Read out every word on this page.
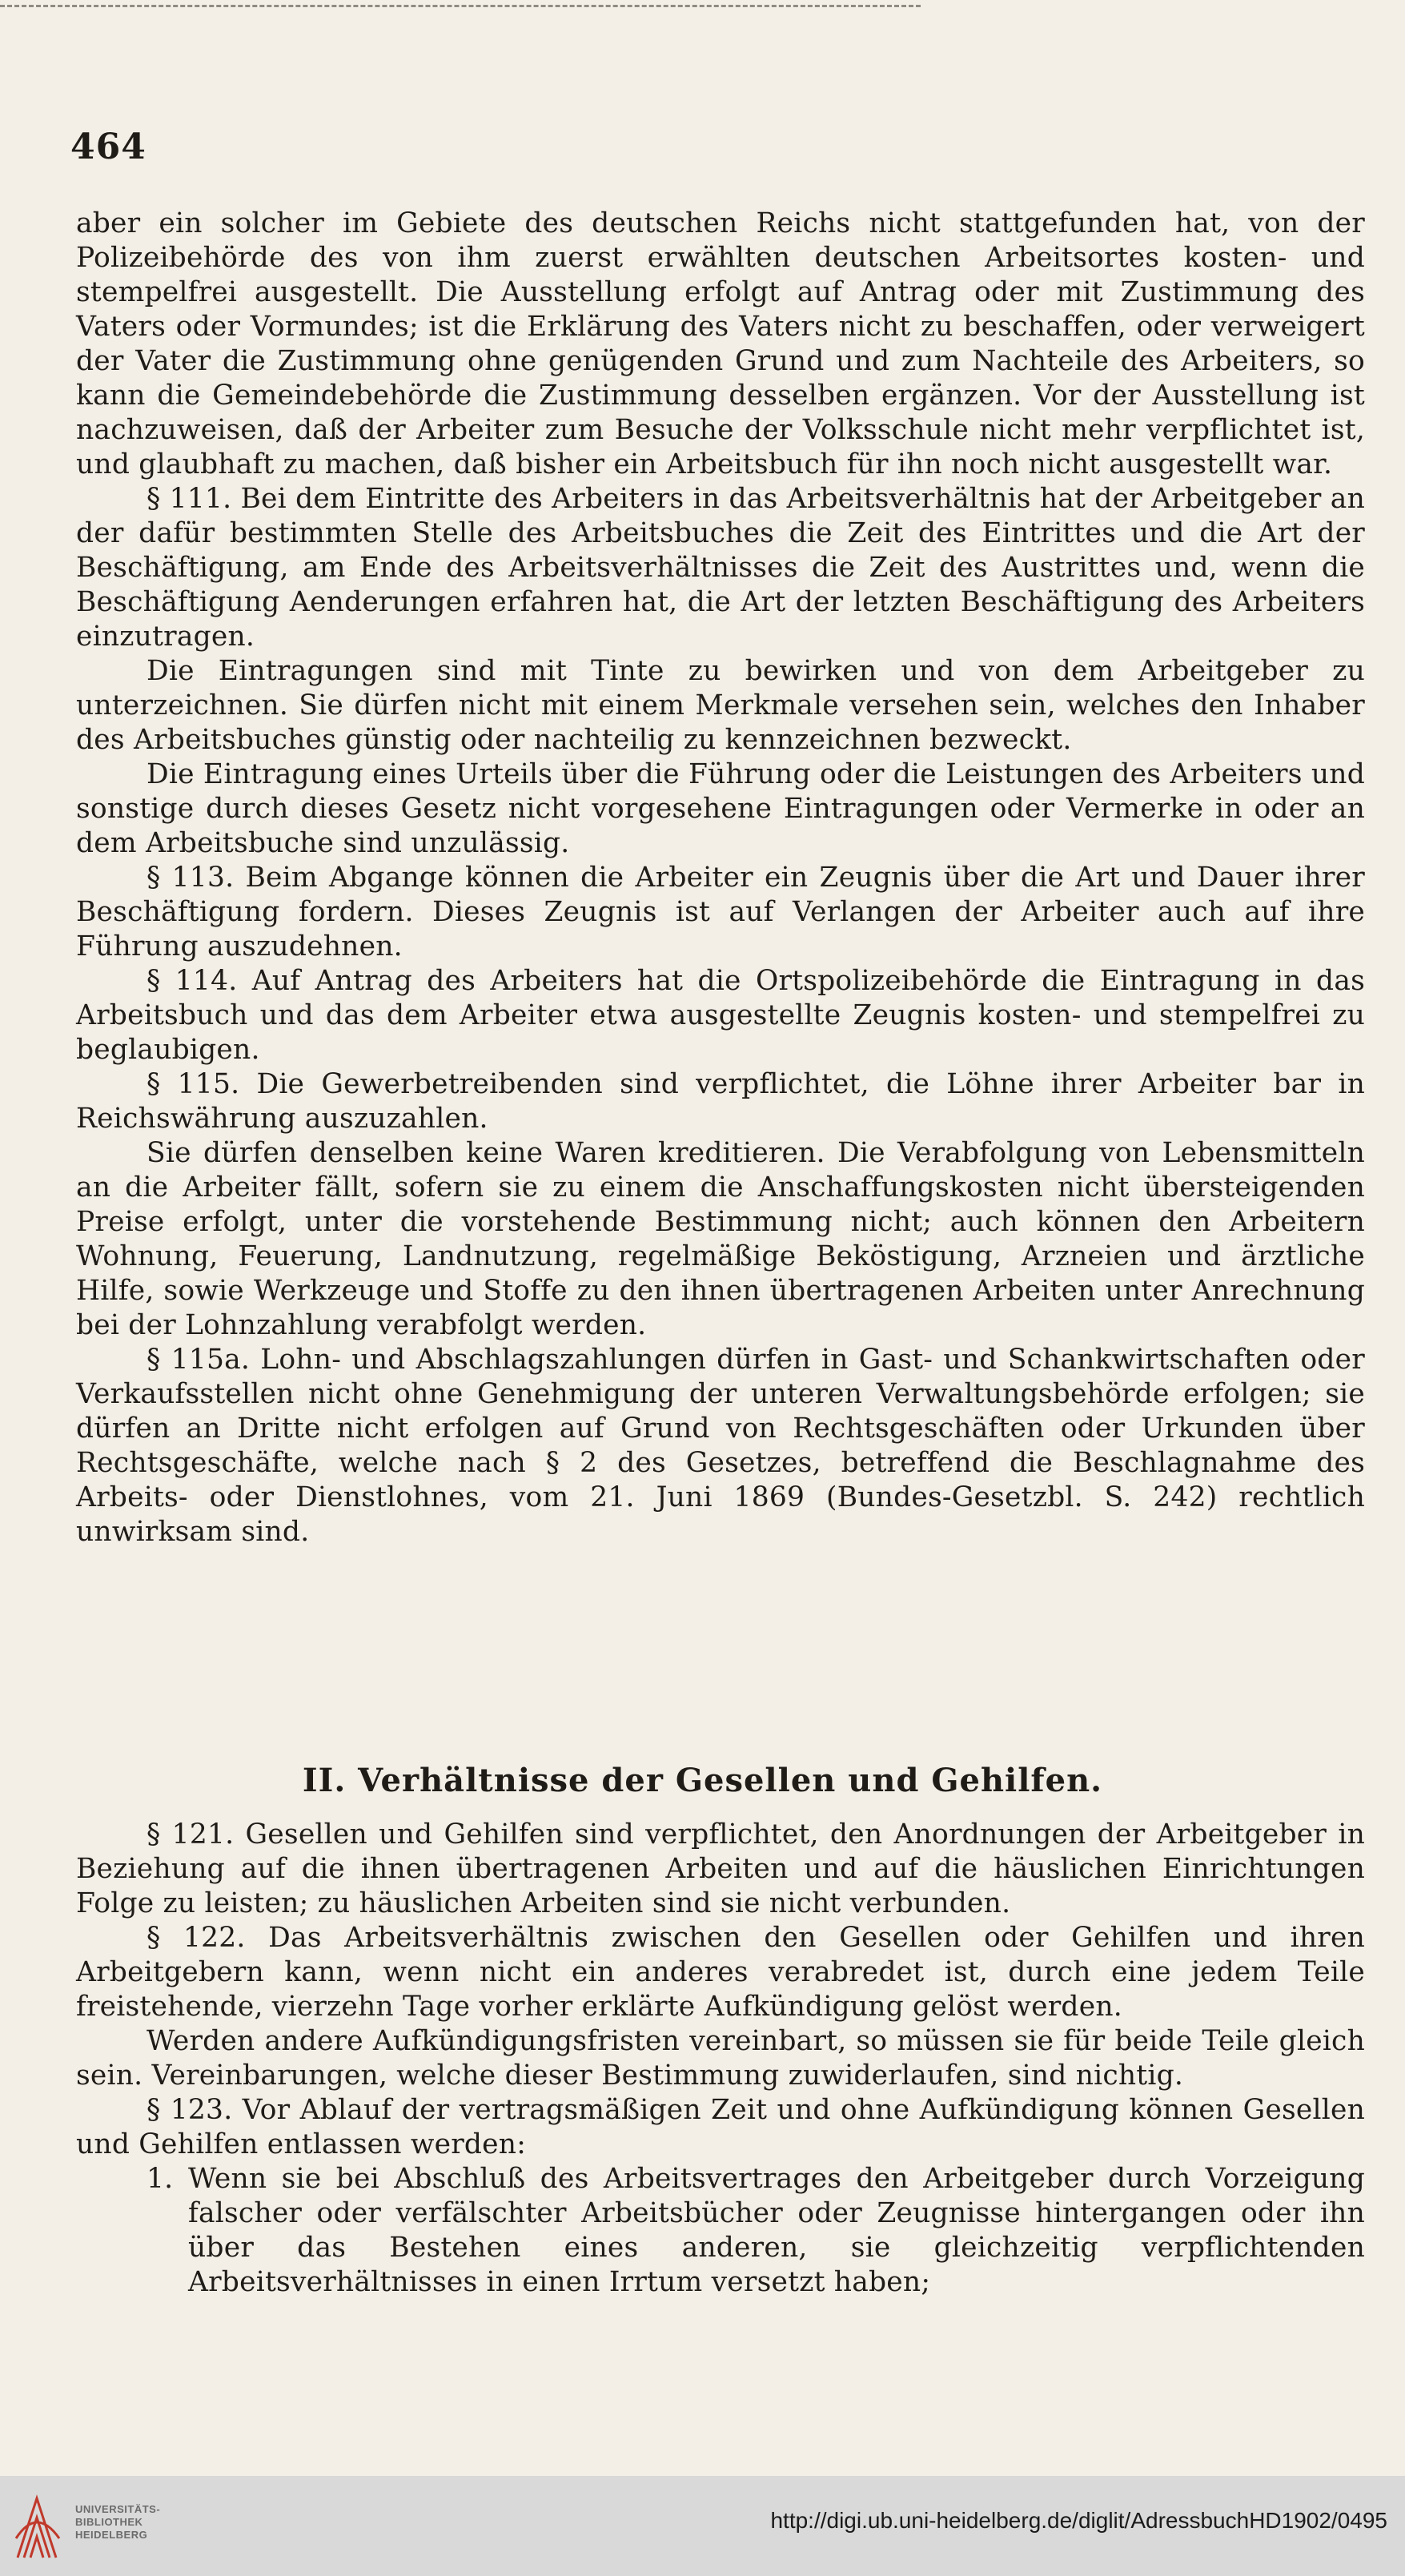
464

aber ein solcher im Gebiete des deutschen Reichs nicht stattgefunden hat, von der Polizeibehörde des von ihm zuerst erwählten deutschen Arbeitsortes kosten- und stempelfrei ausgestellt. Die Ausstellung erfolgt auf Antrag oder mit Zustimmung des Vaters oder Vormundes; ist die Erklärung des Vaters nicht zu beschaffen, oder verweigert der Vater die Zustimmung ohne genügenden Grund und zum Nachteile des Arbeiters, so kann die Gemeindebehörde die Zustimmung desselben ergänzen. Vor der Ausstellung ist nachzuweisen, daß der Arbeiter zum Besuche der Volksschule nicht mehr verpflichtet ist, und glaubhaft zu machen, daß bisher ein Arbeitsbuch für ihn noch nicht ausgestellt war.

§ 111. Bei dem Eintritte des Arbeiters in das Arbeitsverhältnis hat der Arbeitgeber an der dafür bestimmten Stelle des Arbeitsbuches die Zeit des Eintrittes und die Art der Beschäftigung, am Ende des Arbeitsverhältnisses die Zeit des Austrittes und, wenn die Beschäftigung Aenderungen erfahren hat, die Art der letzten Beschäftigung des Arbeiters einzutragen.

Die Eintragungen sind mit Tinte zu bewirken und von dem Arbeitgeber zu unterzeichnen. Sie dürfen nicht mit einem Merkmale versehen sein, welches den Inhaber des Arbeitsbuches günstig oder nachteilig zu kennzeichnen bezweckt.

Die Eintragung eines Urteils über die Führung oder die Leistungen des Arbeiters und sonstige durch dieses Gesetz nicht vorgesehene Eintragungen oder Vermerke in oder an dem Arbeitsbuche sind unzulässig.

§ 113. Beim Abgange können die Arbeiter ein Zeugnis über die Art und Dauer ihrer Beschäftigung fordern. Dieses Zeugnis ist auf Verlangen der Arbeiter auch auf ihre Führung auszudehnen.

§ 114. Auf Antrag des Arbeiters hat die Ortspolizeibehörde die Eintragung in das Arbeitsbuch und das dem Arbeiter etwa ausgestellte Zeugnis kosten- und stempelfrei zu beglaubigen.

§ 115. Die Gewerbetreibenden sind verpflichtet, die Löhne ihrer Arbeiter bar in Reichswährung auszuzahlen.

Sie dürfen denselben keine Waren kreditieren. Die Verabfolgung von Lebensmitteln an die Arbeiter fällt, sofern sie zu einem die Anschaffungskosten nicht übersteigenden Preise erfolgt, unter die vorstehende Bestimmung nicht; auch können den Arbeitern Wohnung, Feuerung, Landnutzung, regelmäßige Beköstigung, Arzneien und ärztliche Hilfe, sowie Werkzeuge und Stoffe zu den ihnen übertragenen Arbeiten unter Anrechnung bei der Lohnzahlung verabfolgt werden.

§ 115a. Lohn- und Abschlagszahlungen dürfen in Gast- und Schankwirtschaften oder Verkaufsstellen nicht ohne Genehmigung der unteren Verwaltungsbehörde erfolgen; sie dürfen an Dritte nicht erfolgen auf Grund von Rechtsgeschäften oder Urkunden über Rechtsgeschäfte, welche nach § 2 des Gesetzes, betreffend die Beschlagnahme des Arbeits- oder Dienstlohnes, vom 21. Juni 1869 (Bundes-Gesetzbl. S. 242) rechtlich unwirksam sind.

II. Verhältnisse der Gesellen und Gehilfen.

§ 121. Gesellen und Gehilfen sind verpflichtet, den Anordnungen der Arbeitgeber in Beziehung auf die ihnen übertragenen Arbeiten und auf die häuslichen Einrichtungen Folge zu leisten; zu häuslichen Arbeiten sind sie nicht verbunden.

§ 122. Das Arbeitsverhältnis zwischen den Gesellen oder Gehilfen und ihren Arbeitgebern kann, wenn nicht ein anderes verabredet ist, durch eine jedem Teile freistehende, vierzehn Tage vorher erklärte Aufkündigung gelöst werden.

Werden andere Aufkündigungsfristen vereinbart, so müssen sie für beide Teile gleich sein. Vereinbarungen, welche dieser Bestimmung zuwiderlaufen, sind nichtig.

§ 123. Vor Ablauf der vertragsmäßigen Zeit und ohne Aufkündigung können Gesellen und Gehilfen entlassen werden:

1. Wenn sie bei Abschluß des Arbeitsvertrages den Arbeitgeber durch Vorzeigung falscher oder verfälschter Arbeitsbücher oder Zeugnisse hintergangen oder ihn über das Bestehen eines anderen, sie gleichzeitig verpflichtenden Arbeitsverhältnisses in einen Irrtum versetzt haben;
UNIVERSITÄTS-
BIBLIOTHEK
HEIDELBERG
http://digi.ub.uni-heidelberg.de/diglit/AdressbuchHD1902/0495
